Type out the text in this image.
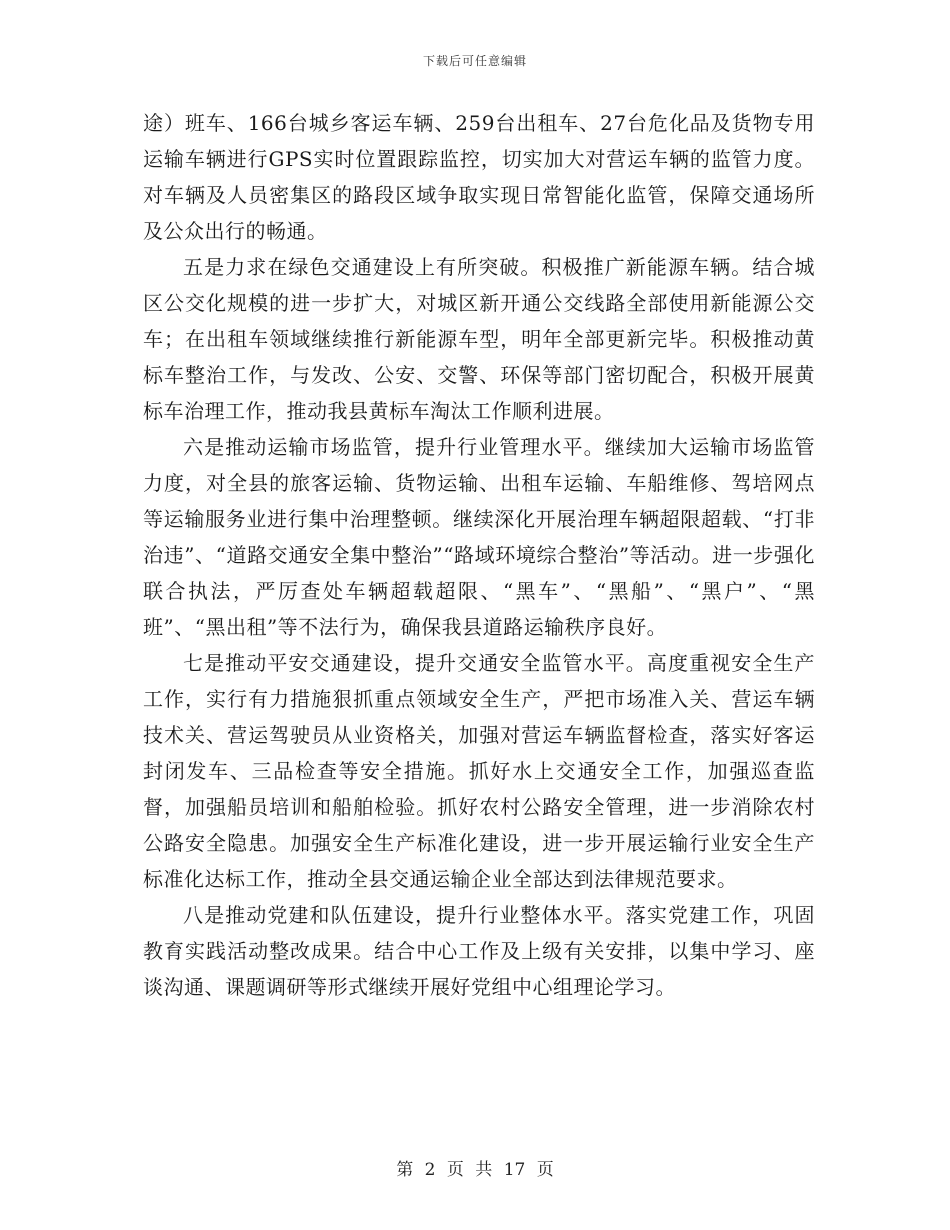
下载后可任意编辑

途）班车、166台城乡客运车辆、259台出租车、27台危化品及货物专用运输车辆进行GPS实时位置跟踪监控，切实加大对营运车辆的监管力度。对车辆及人员密集区的路段区域争取实现日常智能化监管，保障交通场所及公众出行的畅通。

五是力求在绿色交通建设上有所突破。积极推广新能源车辆。结合城区公交化规模的进一步扩大，对城区新开通公交线路全部使用新能源公交车；在出租车领域继续推行新能源车型，明年全部更新完毕。积极推动黄标车整治工作，与发改、公安、交警、环保等部门密切配合，积极开展黄标车治理工作，推动我县黄标车淘汰工作顺利进展。

六是推动运输市场监管，提升行业管理水平。继续加大运输市场监管力度，对全县的旅客运输、货物运输、出租车运输、车船维修、驾培网点等运输服务业进行集中治理整顿。继续深化开展治理车辆超限超载、“打非治违”、“道路交通安全集中整治”“路域环境综合整治”等活动。进一步强化联合执法，严厉查处车辆超载超限、“黑车”、“黑船”、“黑户”、“黑班”、“黑出租”等不法行为，确保我县道路运输秩序良好。

七是推动平安交通建设，提升交通安全监管水平。高度重视安全生产工作，实行有力措施狠抓重点领域安全生产，严把市场准入关、营运车辆技术关、营运驾驶员从业资格关，加强对营运车辆监督检查，落实好客运封闭发车、三品检查等安全措施。抓好水上交通安全工作，加强巡查监督，加强船员培训和船舶检验。抓好农村公路安全管理，进一步消除农村公路安全隐患。加强安全生产标准化建设，进一步开展运输行业安全生产标准化达标工作，推动全县交通运输企业全部达到法律规范要求。

八是推动党建和队伍建设，提升行业整体水平。落实党建工作，巩固教育实践活动整改成果。结合中心工作及上级有关安排，以集中学习、座谈沟通、课题调研等形式继续开展好党组中心组理论学习。

第 2 页 共 17 页
